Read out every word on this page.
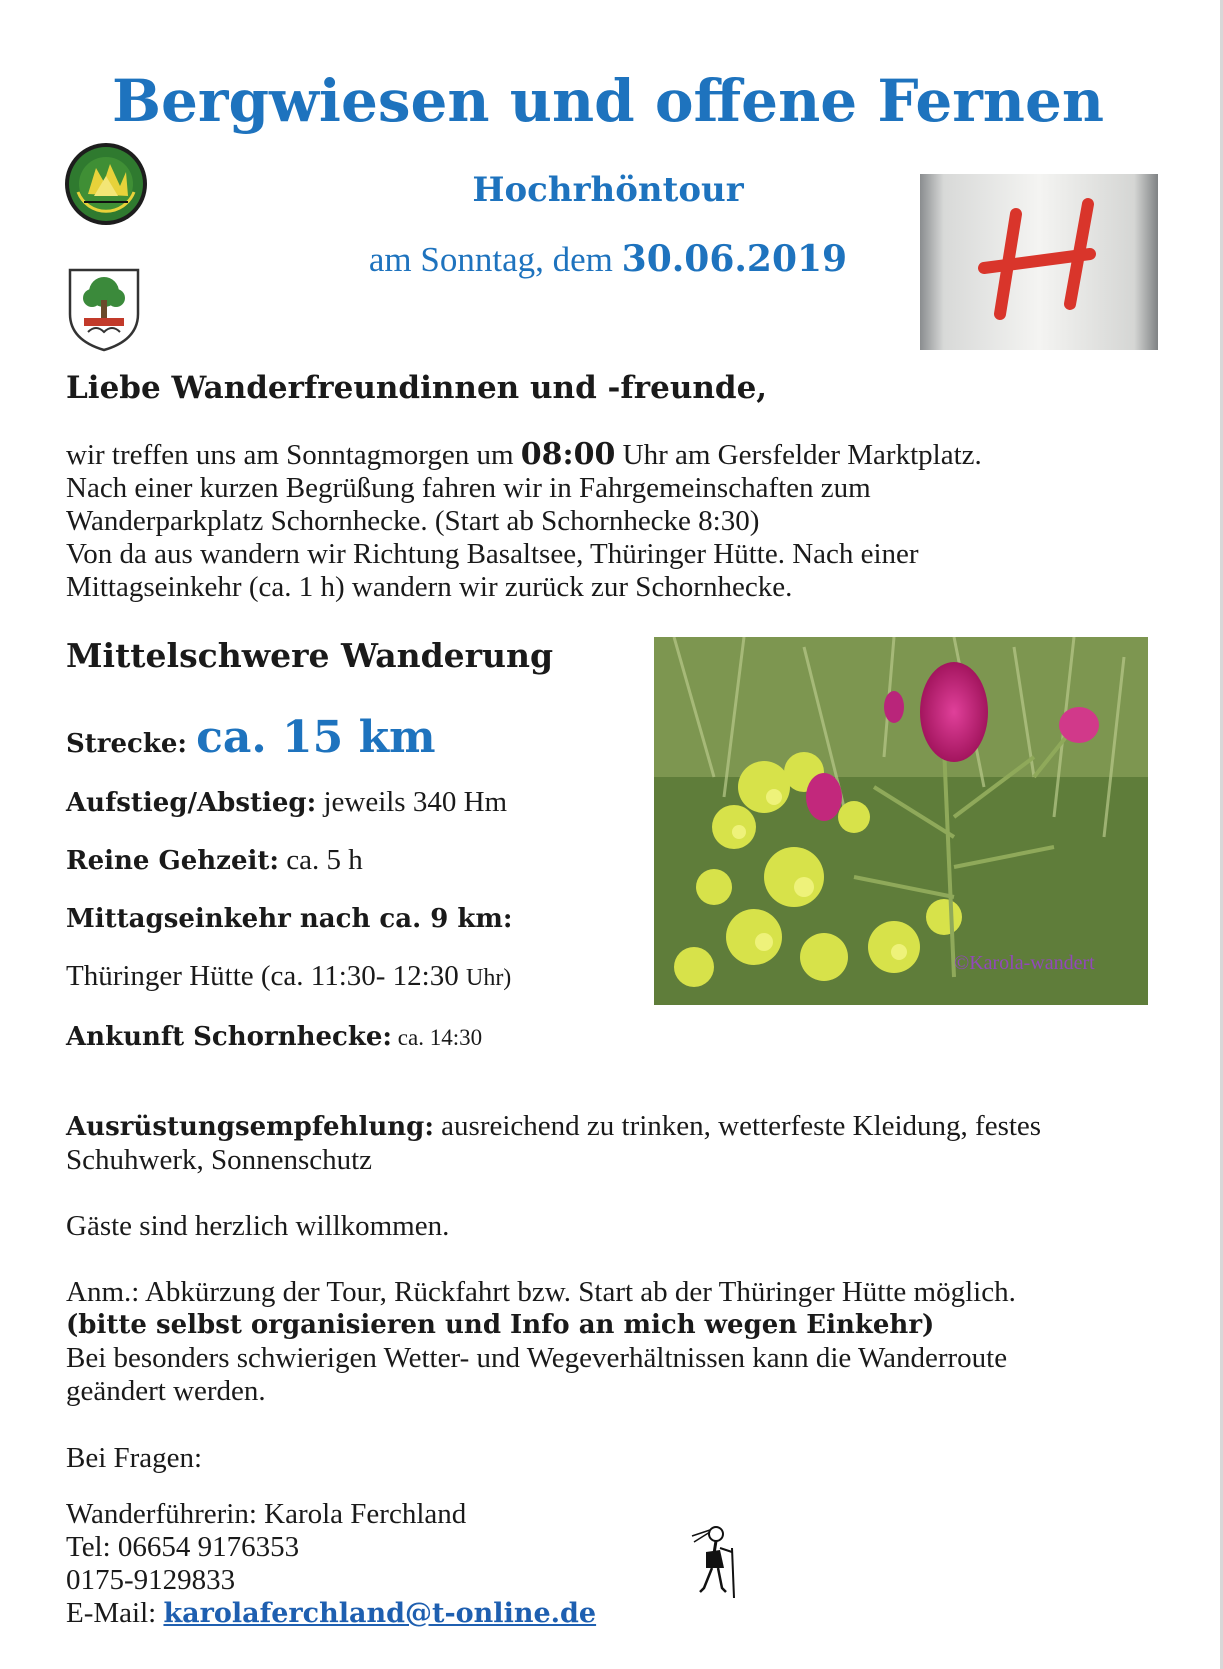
Bergwiesen und offene Fernen
Hochrhöntour
am Sonntag, dem 30.06.2019
H
Liebe Wanderfreundinnen und -freunde,
wir treffen uns am Sonntagmorgen um 08:00 Uhr am Gersfelder Marktplatz.
Nach einer kurzen Begrüßung fahren wir in Fahrgemeinschaften zum
Wanderparkplatz Schornhecke. (Start ab Schornhecke 8:30)
Von da aus wandern wir Richtung Basaltsee, Thüringer Hütte. Nach einer
Mittagseinkehr (ca. 1 h) wandern wir zurück zur Schornhecke.
Mittelschwere Wanderung
Strecke: ca. 15 km
Aufstieg/Abstieg: jeweils 340 Hm
Reine Gehzeit: ca. 5 h
Mittagseinkehr nach ca. 9 km:
Thüringer Hütte (ca. 11:30- 12:30 Uhr)
Ankunft Schornhecke: ca. 14:30
©Karola-wandert
Ausrüstungsempfehlung: ausreichend zu trinken, wetterfeste Kleidung, festes
Schuhwerk, Sonnenschutz
Gäste sind herzlich willkommen.
Anm.: Abkürzung der Tour, Rückfahrt bzw. Start ab der Thüringer Hütte möglich.
(bitte selbst organisieren und Info an mich wegen Einkehr)
Bei besonders schwierigen Wetter- und Wegeverhältnissen kann die Wanderroute
geändert werden.
Bei Fragen:
Wanderführerin: Karola Ferchland
Tel: 06654 9176353
0175-9129833
E-Mail: karolaferchland@t-online.de
